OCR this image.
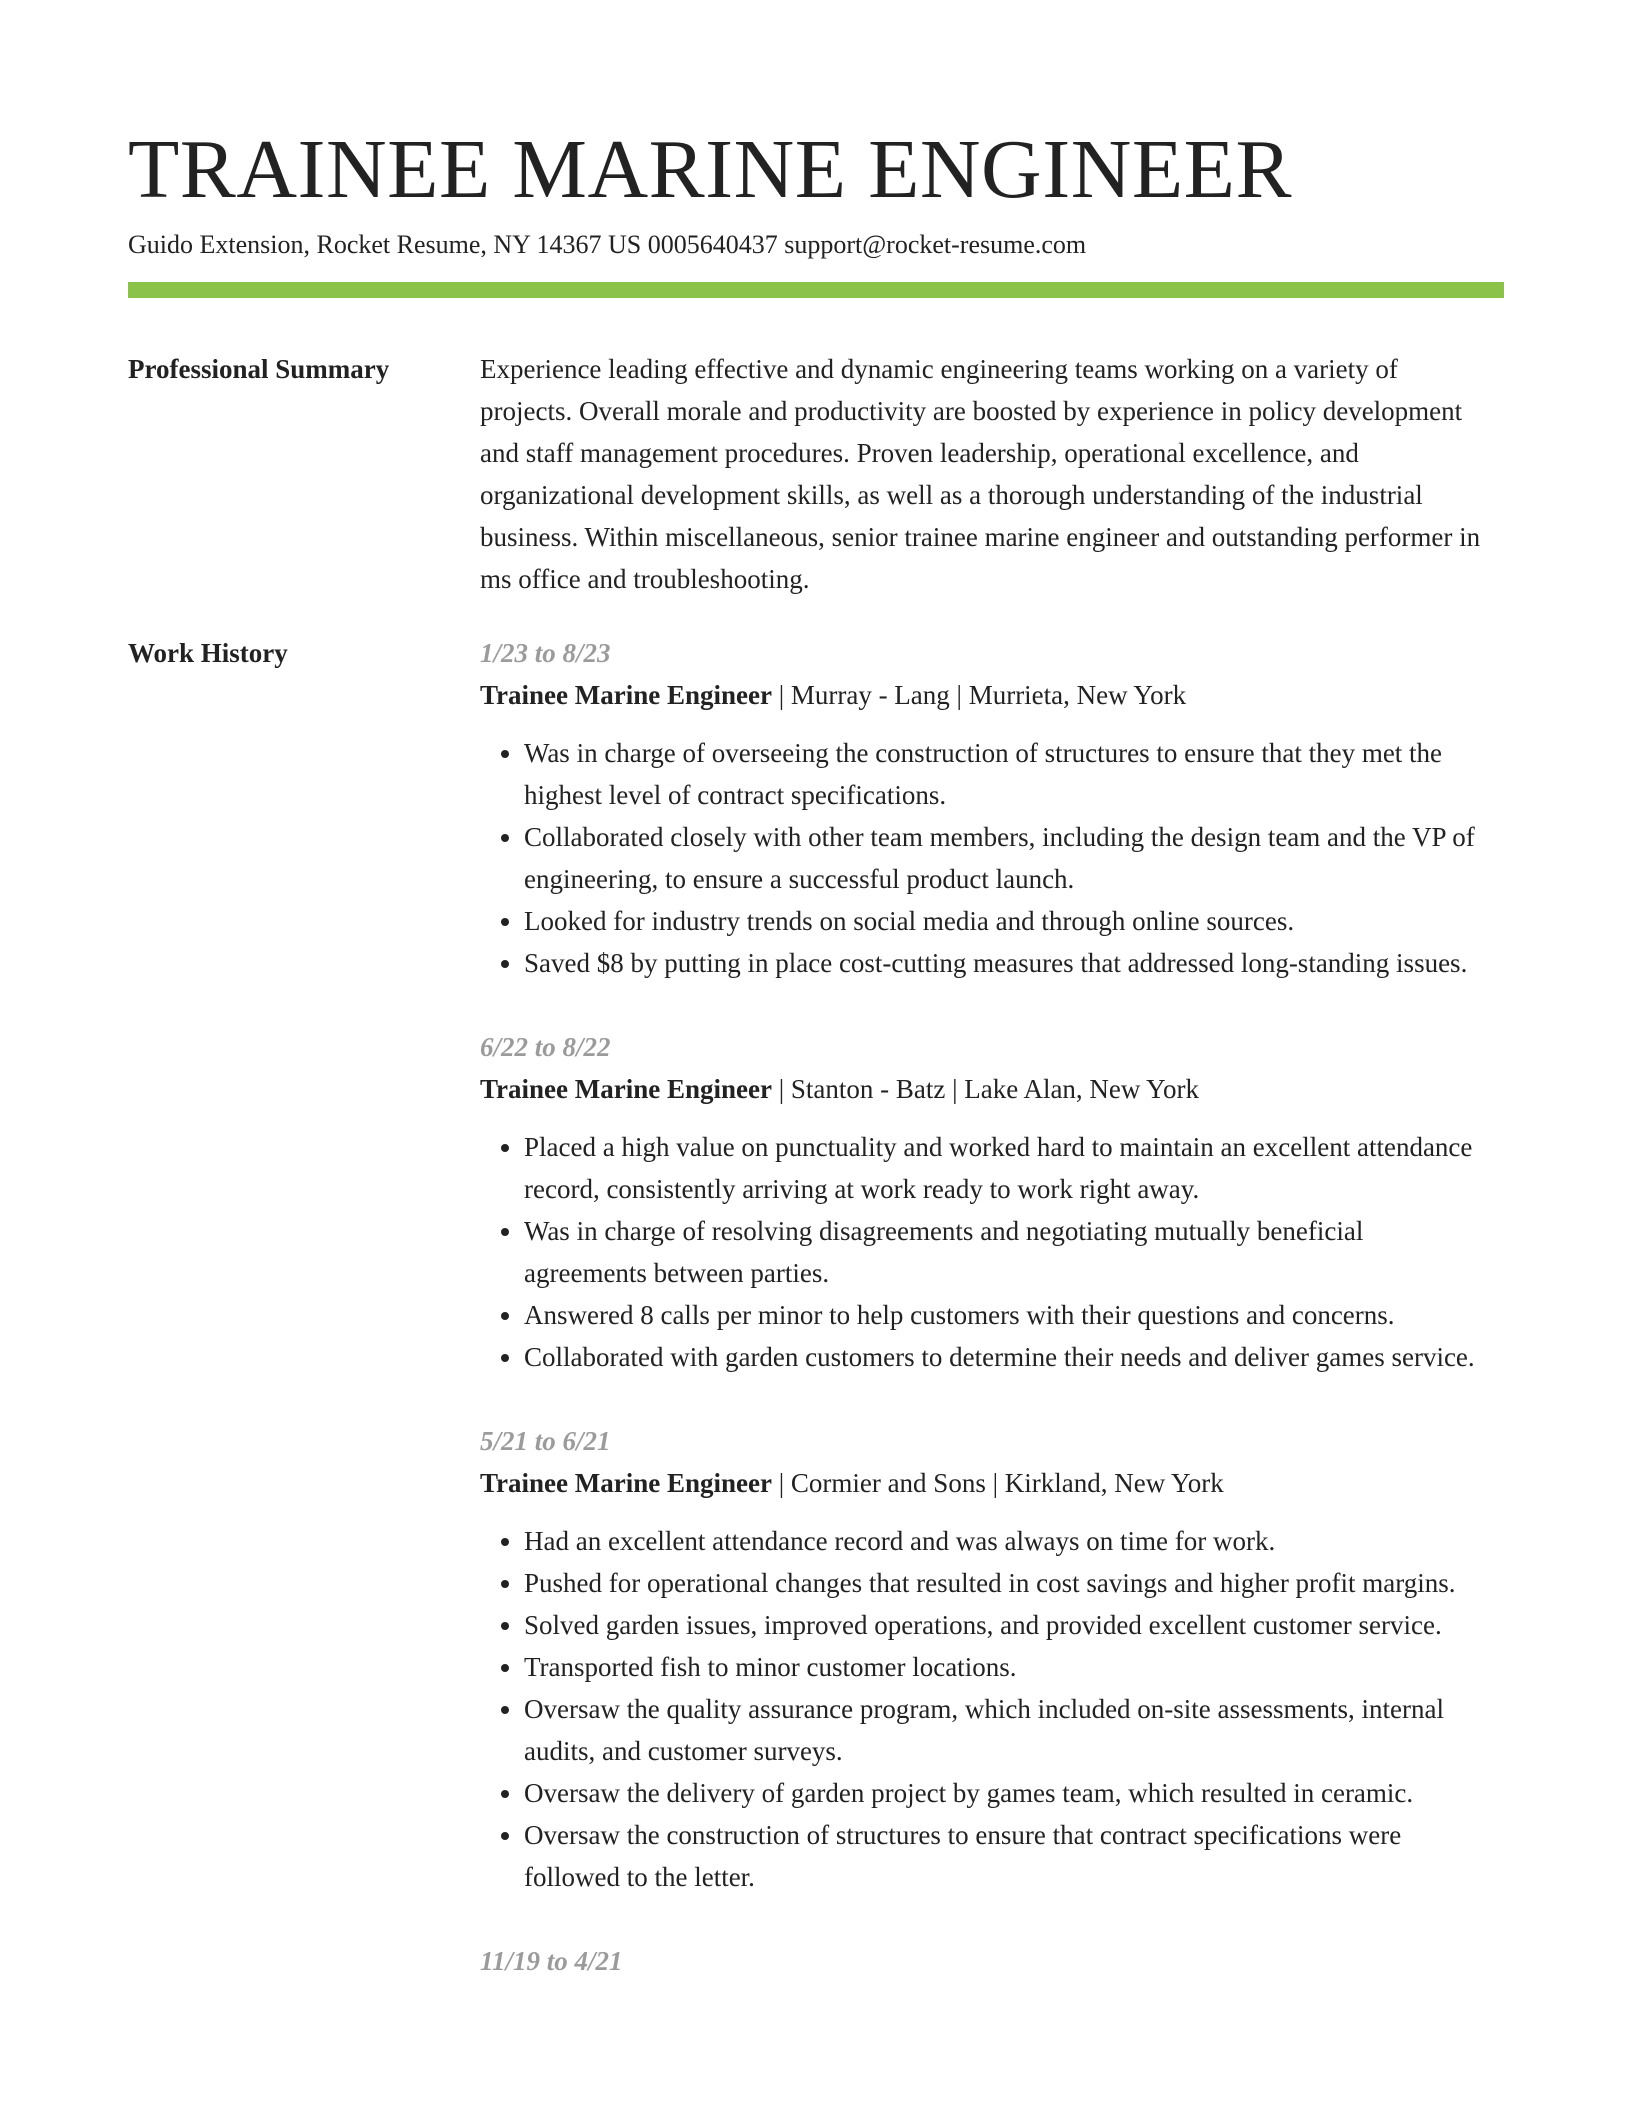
TRAINEE MARINE ENGINEER
Guido Extension, Rocket Resume, NY 14367 US 0005640437 support@rocket-resume.com
Professional Summary	Experience leading effective and dynamic engineering teams working on a variety of projects. Overall morale and productivity are boosted by experience in policy development and staff management procedures. Proven leadership, operational excellence, and organizational development skills, as well as a thorough understanding of the industrial business. Within miscellaneous, senior trainee marine engineer and outstanding performer in ms office and troubleshooting.

Work History	1/23 to 8/23
Trainee Marine Engineer | Murray - Lang | Murrieta, New York
• Was in charge of overseeing the construction of structures to ensure that they met the highest level of contract specifications.
• Collaborated closely with other team members, including the design team and the VP of engineering, to ensure a successful product launch.
• Looked for industry trends on social media and through online sources.
• Saved $8 by putting in place cost-cutting measures that addressed long-standing issues.
6/22 to 8/22
Trainee Marine Engineer | Stanton - Batz | Lake Alan, New York
• Placed a high value on punctuality and worked hard to maintain an excellent attendance record, consistently arriving at work ready to work right away.
• Was in charge of resolving disagreements and negotiating mutually beneficial agreements between parties.
• Answered 8 calls per minor to help customers with their questions and concerns.
• Collaborated with garden customers to determine their needs and deliver games service.
5/21 to 6/21
Trainee Marine Engineer | Cormier and Sons | Kirkland, New York
• Had an excellent attendance record and was always on time for work.
• Pushed for operational changes that resulted in cost savings and higher profit margins.
• Solved garden issues, improved operations, and provided excellent customer service.
• Transported fish to minor customer locations.
• Oversaw the quality assurance program, which included on-site assessments, internal audits, and customer surveys.
• Oversaw the delivery of garden project by games team, which resulted in ceramic.
• Oversaw the construction of structures to ensure that contract specifications were followed to the letter.
11/19 to 4/21
